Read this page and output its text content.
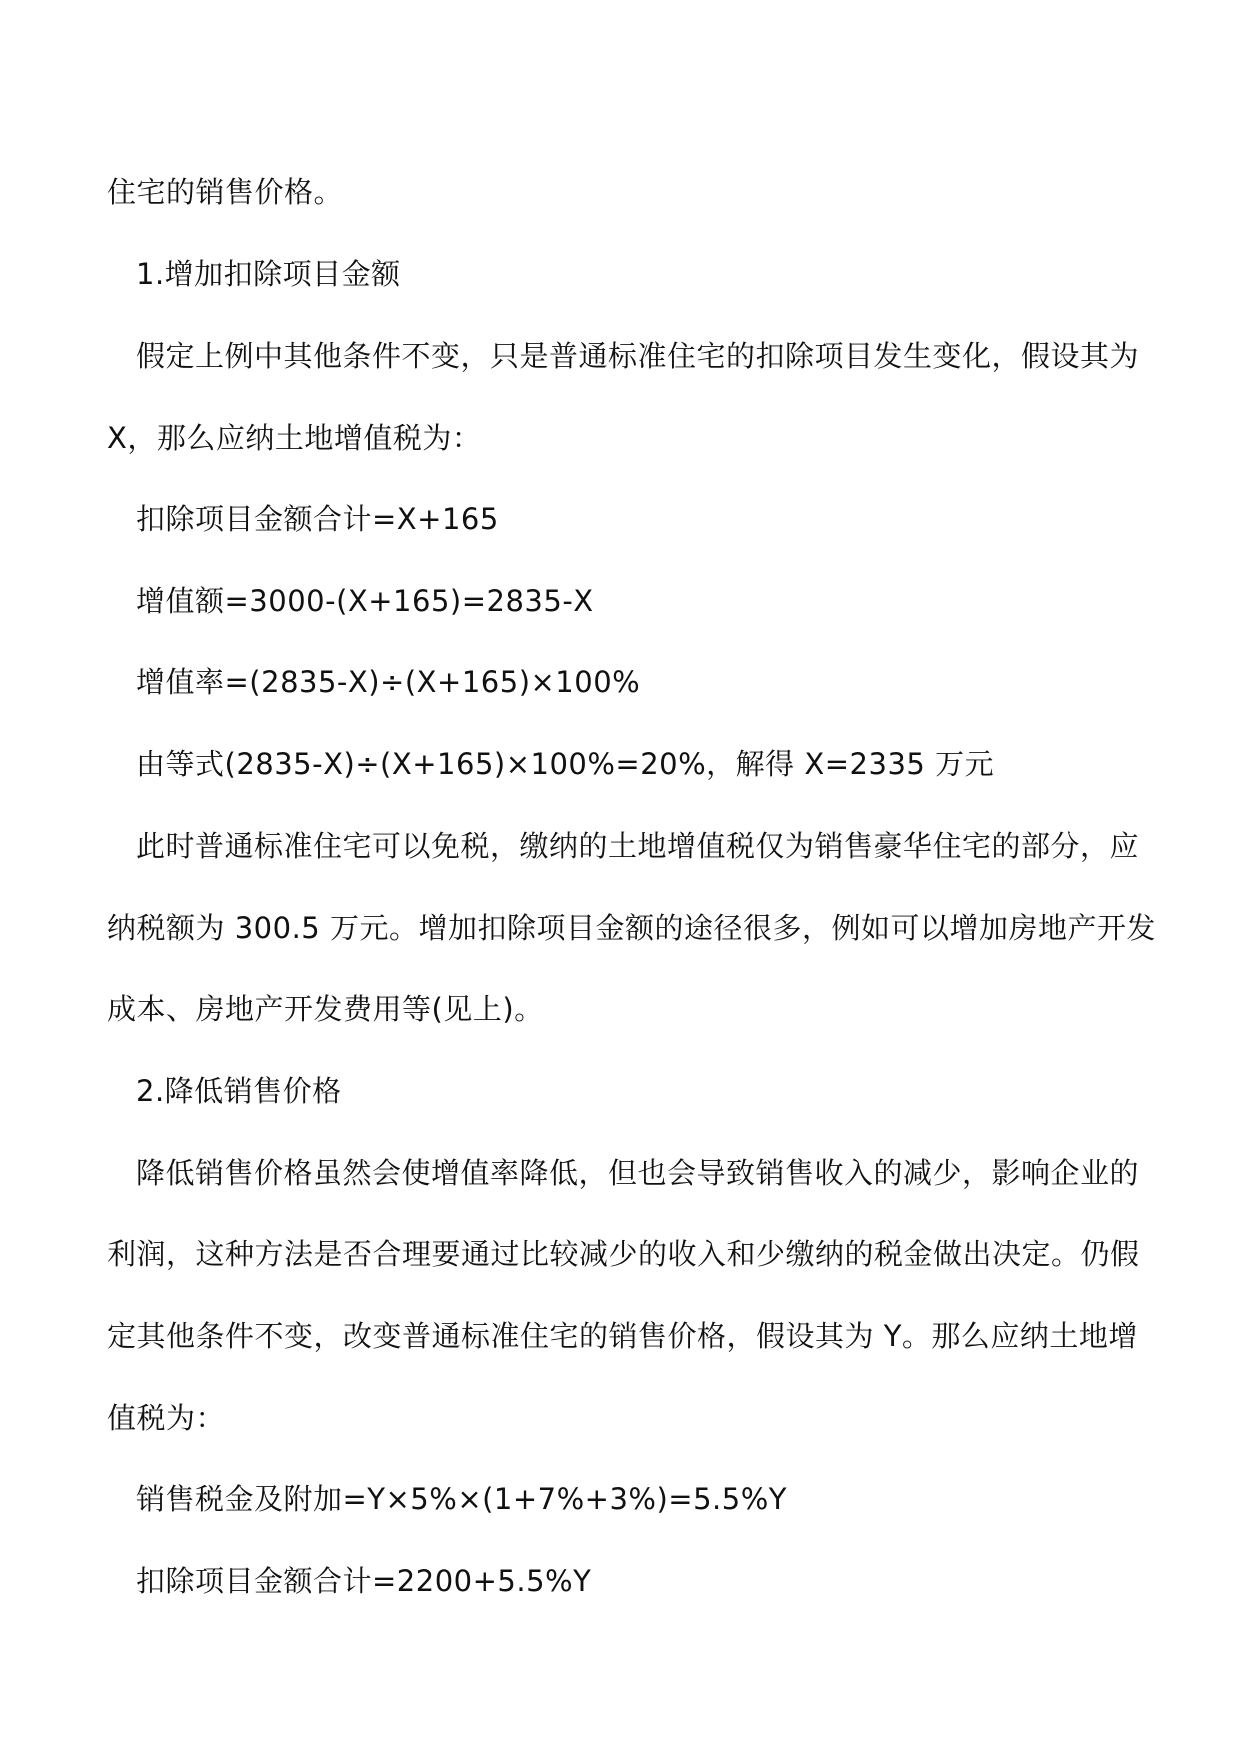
住宅的销售价格。
1.增加扣除项目金额
假定上例中其他条件不变，只是普通标准住宅的扣除项目发生变化，假设其为
X，那么应纳土地增值税为：
扣除项目金额合计=X+165
增值额=3000-(X+165)=2835-X
增值率=(2835-X)÷(X+165)×100%
由等式(2835-X)÷(X+165)×100%=20%，解得 X=2335 万元
此时普通标准住宅可以免税，缴纳的土地增值税仅为销售豪华住宅的部分，应
纳税额为 300.5 万元。增加扣除项目金额的途径很多，例如可以增加房地产开发
成本、房地产开发费用等(见上)。
2.降低销售价格
降低销售价格虽然会使增值率降低，但也会导致销售收入的减少，影响企业的
利润，这种方法是否合理要通过比较减少的收入和少缴纳的税金做出决定。仍假
定其他条件不变，改变普通标准住宅的销售价格，假设其为 Y。那么应纳土地增
值税为：
销售税金及附加=Y×5%×(1+7%+3%)=5.5%Y
扣除项目金额合计=2200+5.5%Y
